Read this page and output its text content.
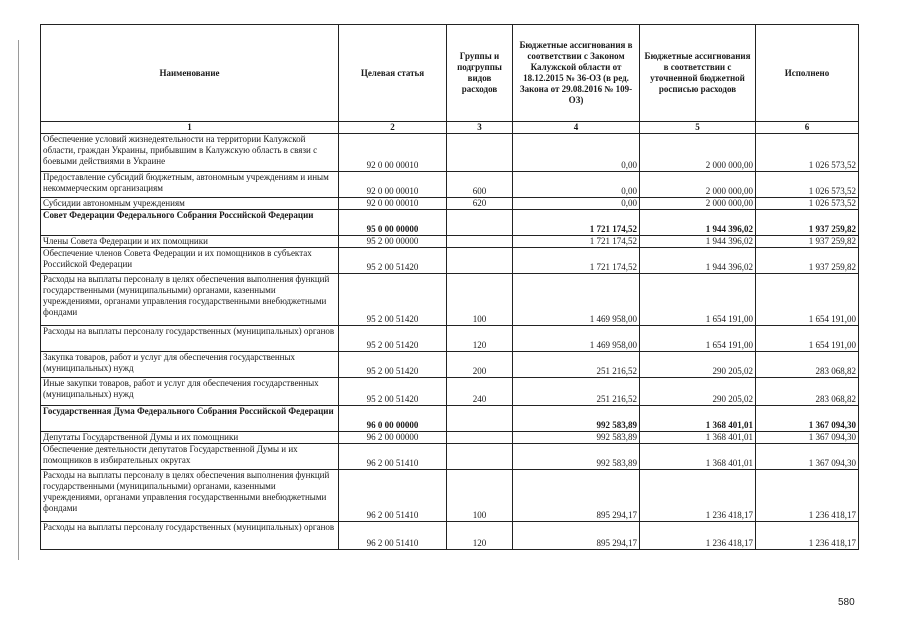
Наименование	Целевая статья	Группы и подгруппы видов расходов	Бюджетные ассигнования в соответствии с Законом Калужской области от 18.12.2015 № 36-ОЗ (в ред. Закона от 29.08.2016 № 109-ОЗ)	Бюджетные ассигнования в соответствии с уточненной бюджетной росписью расходов	Исполнено
1	2	3	4	5	6
Обеспечение условий жизнедеятельности на территории Калужской области, граждан Украины, прибывшим в Калужскую область в связи с боевыми действиями в Украине	92 0 00 00010		0,00	2 000 000,00	1 026 573,52
Предоставление субсидий бюджетным, автономным учреждениям и иным некоммерческим организациям	92 0 00 00010	600	0,00	2 000 000,00	1 026 573,52
Субсидии автономным учреждениям	92 0 00 00010	620	0,00	2 000 000,00	1 026 573,52
Совет Федерации Федерального Собрания Российской Федерации	95 0 00 00000		1 721 174,52	1 944 396,02	1 937 259,82
Члены Совета Федерации и их помощники	95 2 00 00000		1 721 174,52	1 944 396,02	1 937 259,82
Обеспечение членов Совета Федерации и их помощников в субъектах Российской Федерации	95 2 00 51420		1 721 174,52	1 944 396,02	1 937 259,82
Расходы на выплаты персоналу в целях обеспечения выполнения функций государственными (муниципальными) органами, казенными учреждениями, органами управления государственными внебюджетными фондами	95 2 00 51420	100	1 469 958,00	1 654 191,00	1 654 191,00
Расходы на выплаты персоналу государственных (муниципальных) органов	95 2 00 51420	120	1 469 958,00	1 654 191,00	1 654 191,00
Закупка товаров, работ и услуг для обеспечения государственных (муниципальных) нужд	95 2 00 51420	200	251 216,52	290 205,02	283 068,82
Иные закупки товаров, работ и услуг для обеспечения государственных (муниципальных) нужд	95 2 00 51420	240	251 216,52	290 205,02	283 068,82
Государственная Дума Федерального Собрания Российской Федерации	96 0 00 00000		992 583,89	1 368 401,01	1 367 094,30
Депутаты Государственной Думы и их помощники	96 2 00 00000		992 583,89	1 368 401,01	1 367 094,30
Обеспечение деятельности депутатов Государственной Думы и их помощников в избирательных округах	96 2 00 51410		992 583,89	1 368 401,01	1 367 094,30
Расходы на выплаты персоналу в целях обеспечения выполнения функций государственными (муниципальными) органами, казенными учреждениями, органами управления государственными внебюджетными фондами	96 2 00 51410	100	895 294,17	1 236 418,17	1 236 418,17
Расходы на выплаты персоналу государственных (муниципальных) органов	96 2 00 51410	120	895 294,17	1 236 418,17	1 236 418,17
580
